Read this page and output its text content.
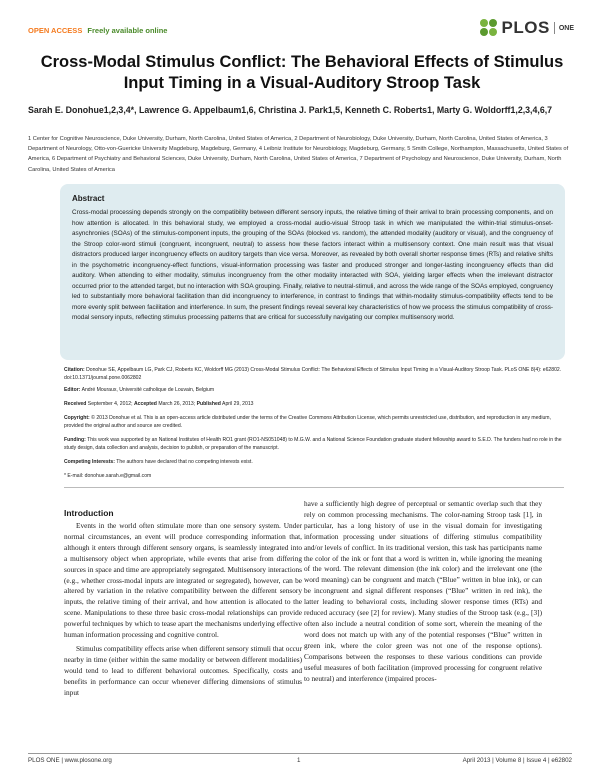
OPEN ACCESS Freely available online	PLOS ONE
Cross-Modal Stimulus Conflict: The Behavioral Effects of Stimulus Input Timing in a Visual-Auditory Stroop Task
Sarah E. Donohue1,2,3,4*, Lawrence G. Appelbaum1,6, Christina J. Park1,5, Kenneth C. Roberts1, Marty G. Woldorff1,2,3,4,6,7
1 Center for Cognitive Neuroscience, Duke University, Durham, North Carolina, United States of America, 2 Department of Neurobiology, Duke University, Durham, North Carolina, United States of America, 3 Department of Neurology, Otto-von-Guericke University Magdeburg, Magdeburg, Germany, 4 Leibniz Institute for Neurobiology, Magdeburg, Germany, 5 Smith College, Northampton, Massachusetts, United States of America, 6 Department of Psychiatry and Behavioral Sciences, Duke University, Durham, North Carolina, United States of America, 7 Department of Psychology and Neuroscience, Duke University, Durham, North Carolina, United States of America
Abstract
Cross-modal processing depends strongly on the compatibility between different sensory inputs, the relative timing of their arrival to brain processing components, and on how attention is allocated. In this behavioral study, we employed a cross-modal audio-visual Stroop task in which we manipulated the within-trial stimulus-onset-asynchronies (SOAs) of the stimulus-component inputs, the grouping of the SOAs (blocked vs. random), the attended modality (auditory or visual), and the congruency of the Stroop color-word stimuli (congruent, incongruent, neutral) to assess how these factors interact within a multisensory context. One main result was that visual distractors produced larger incongruency effects on auditory targets than vice versa. Moreover, as revealed by both overall shorter response times (RTs) and relative shifts in the psychometric incongruency-effect functions, visual-information processing was faster and produced stronger and longer-lasting incongruency effects than did auditory. When attending to either modality, stimulus incongruency from the other modality interacted with SOA, yielding larger effects when the irrelevant distractor occurred prior to the attended target, but no interaction with SOA grouping. Finally, relative to neutral-stimuli, and across the wide range of the SOAs employed, congruency led to substantially more behavioral facilitation than did incongruency to interference, in contrast to findings that within-modality stimulus-compatibility effects tend to be more evenly split between facilitation and interference. In sum, the present findings reveal several key characteristics of how we process the stimulus compatibility of cross-modal sensory inputs, reflecting stimulus processing patterns that are critical for successfully navigating our complex multisensory world.
Citation: Donohue SE, Appelbaum LG, Park CJ, Roberts KC, Woldorff MG (2013) Cross-Modal Stimulus Conflict: The Behavioral Effects of Stimulus Input Timing in a Visual-Auditory Stroop Task. PLoS ONE 8(4): e62802. doi:10.1371/journal.pone.0062802
Editor: André Mouraux, Université catholique de Louvain, Belgium
Received September 4, 2012; Accepted March 26, 2013; Published April 29, 2013
Copyright: © 2013 Donohue et al. This is an open-access article distributed under the terms of the Creative Commons Attribution License, which permits unrestricted use, distribution, and reproduction in any medium, provided the original author and source are credited.
Funding: This work was supported by an National Institutes of Health RO1 grant (RO1-NS051048) to M.G.W. and a National Science Foundation graduate student fellowship award to S.E.D. The funders had no role in the study design, data collection and analysis, decision to publish, or preparation of the manuscript.
Competing Interests: The authors have declared that no competing interests exist.
* E-mail: donohue.sarah.e@gmail.com
Introduction

Events in the world often stimulate more than one sensory system. Under normal circumstances, an event will produce corresponding information that, although it enters through different sensory organs, is seamlessly integrated into a multisensory object when appropriate, while events that arise from differing sources in space and time are appropriately segregated. Multisensory interactions (e.g., whether cross-modal inputs are integrated or segregated), however, can be altered by variation in the relative compatibility between the different sensory inputs, the relative timing of their arrival, and how attention is allocated to the scene. Manipulations to these three basic cross-modal relationships can provide powerful techniques by which to tease apart the mechanisms underlying effective human information processing and cognitive control.

Stimulus compatibility effects arise when different sensory stimuli that occur nearby in time (either within the same modality or between different modalities) would tend to lead to different behavioral outcomes. Specifically, costs and benefits in performance can occur whenever differing dimensions of stimulus input

have a sufficiently high degree of perceptual or semantic overlap such that they rely on common processing mechanisms. The color-naming Stroop task [1], in particular, has a long history of use in the visual domain for investigating information processing under situations of differing stimulus compatibility and/or levels of conflict. In its traditional version, this task has participants name the color of the ink or font that a word is written in, while ignoring the meaning of the word. The relevant dimension (the ink color) and the irrelevant one (the word meaning) can be congruent and match (“Blue” written in blue ink), or can be incongruent and signal different responses (“Blue” written in red ink), the latter leading to behavioral costs, including slower response times (RTs) and reduced accuracy (see [2] for review). Many studies of the Stroop task (e.g., [3]) often also include a neutral condition of some sort, wherein the meaning of the word does not match up with any of the potential responses (“Blue” written in green ink, where the color green was not one of the response options). Comparisons between the responses to these various conditions can provide useful measures of both facilitation (improved processing for congruent relative to neutral) and interference (impaired proces-

PLOS ONE | www.plosone.org	1	April 2013 | Volume 8 | Issue 4 | e62802
